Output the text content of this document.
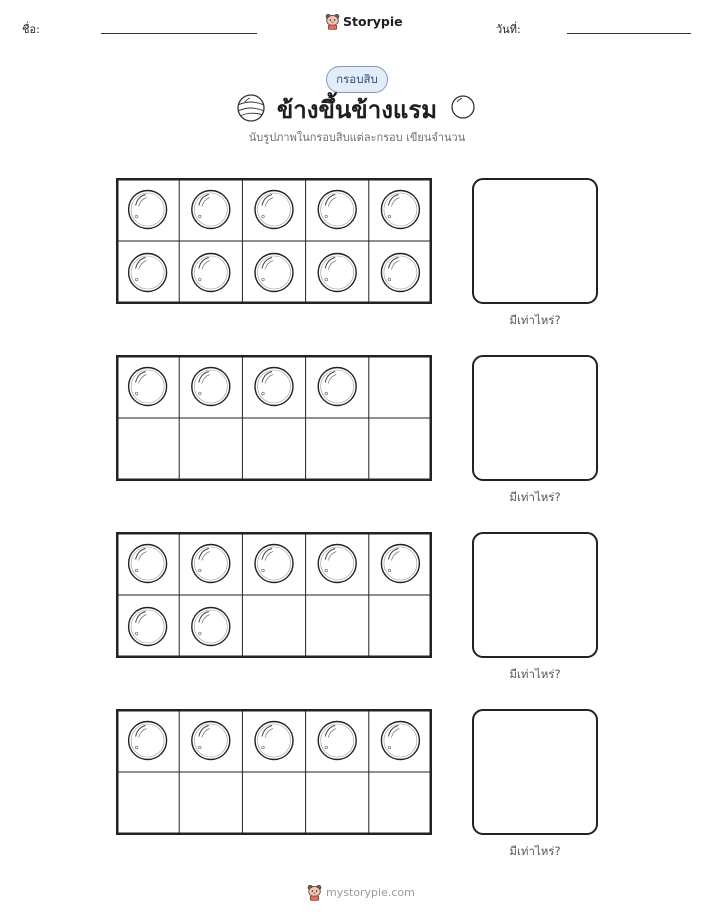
ชื่อ:
Storypie
วันที่:
กรอบสิบ
ข้างขึ้นข้างแรม
นับรูปภาพในกรอบสิบแต่ละกรอบ เขียนจำนวน
มีเท่าไหร่?
มีเท่าไหร่?
มีเท่าไหร่?
มีเท่าไหร่?
mystorypie.com
